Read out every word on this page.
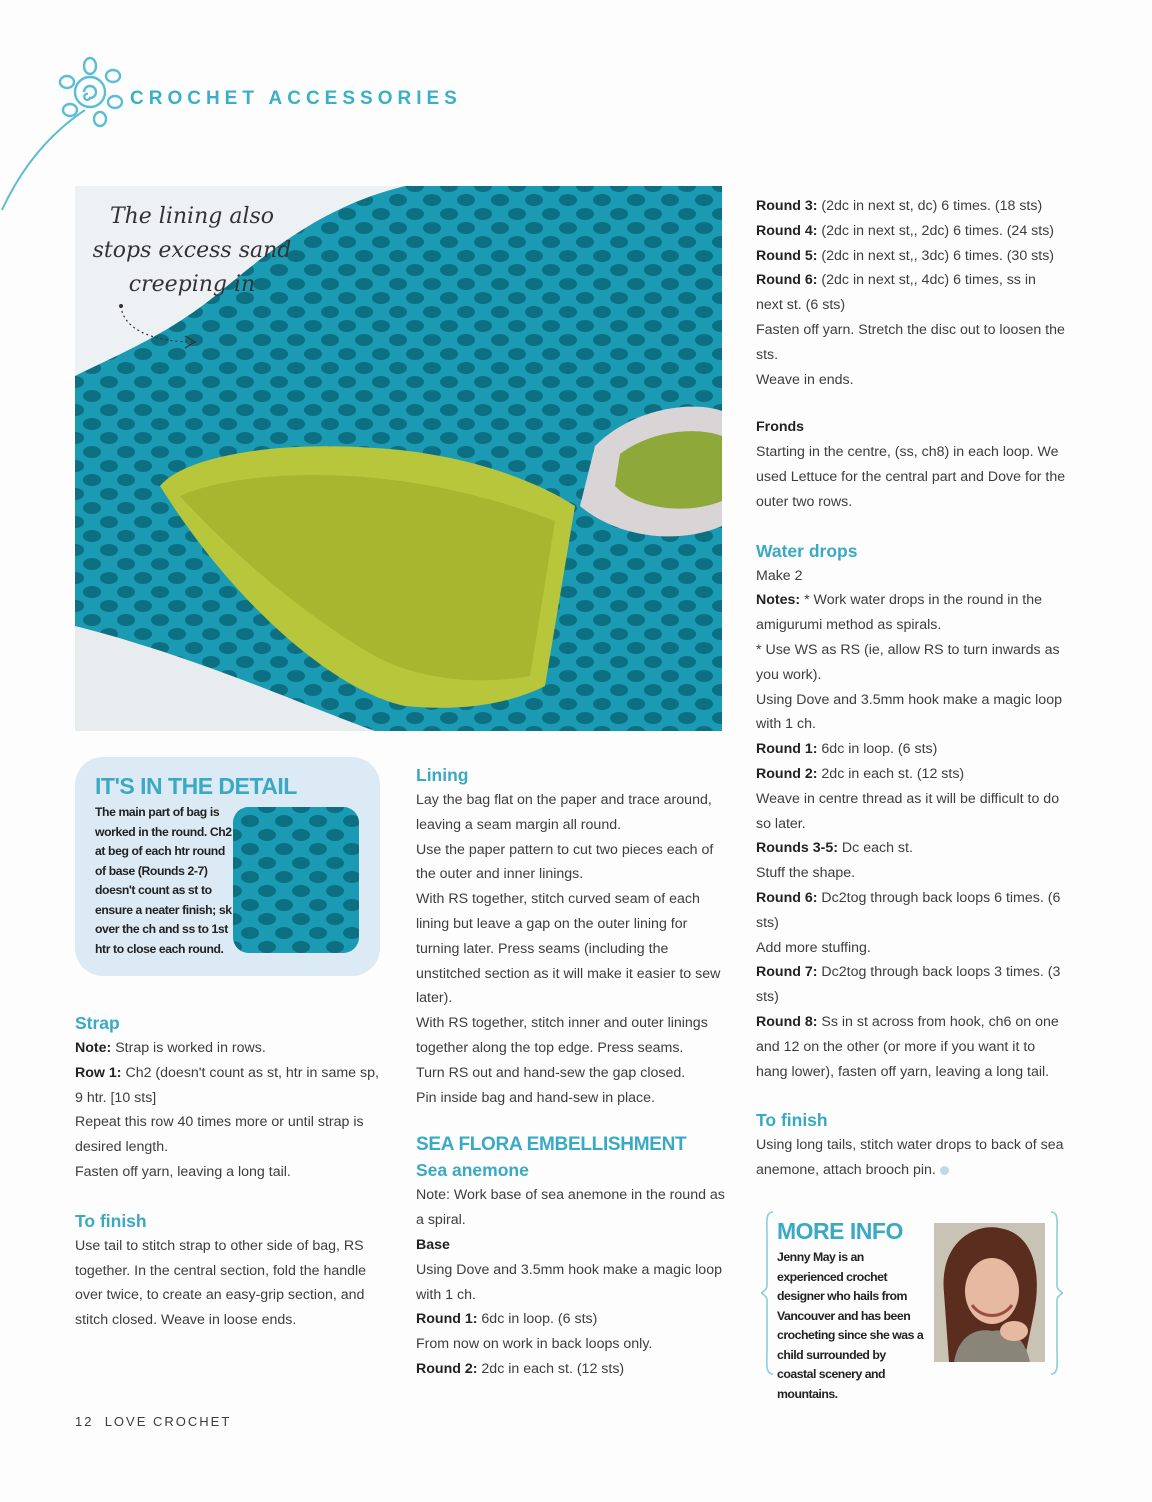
CROCHET ACCESSORIES
The lining also
stops excess sand
creeping in
IT'S IN THE DETAIL
The main part of bag is worked in the round. Ch2 at beg of each htr round of base (Rounds 2-7) doesn't count as st to ensure a neater finish; sk over the ch and ss to 1st htr to close each round.
Strap

Note: Strap is worked in rows.

Row 1: Ch2 (doesn't count as st, htr in same sp, 9 htr. [10 sts]

Repeat this row 40 times more or until strap is desired length.

Fasten off yarn, leaving a long tail.

To finish

Use tail to stitch strap to other side of bag, RS together. In the central section, fold the handle over twice, to create an easy-grip section, and stitch closed. Weave in loose ends.

Lining

Lay the bag flat on the paper and trace around, leaving a seam margin all round.

Use the paper pattern to cut two pieces each of the outer and inner linings.

With RS together, stitch curved seam of each lining but leave a gap on the outer lining for turning later. Press seams (including the unstitched section as it will make it easier to sew later).

With RS together, stitch inner and outer linings together along the top edge. Press seams.

Turn RS out and hand-sew the gap closed.

Pin inside bag and hand-sew in place.

SEA FLORA EMBELLISHMENT
Sea anemone

Note: Work base of sea anemone in the round as a spiral.

Base

Using Dove and 3.5mm hook make a magic loop with 1 ch.

Round 1: 6dc in loop. (6 sts)

From now on work in back loops only.

Round 2: 2dc in each st. (12 sts)

Round 3: (2dc in next st, dc) 6 times. (18 sts)

Round 4: (2dc in next st,, 2dc) 6 times. (24 sts)

Round 5: (2dc in next st,, 3dc) 6 times. (30 sts)

Round 6: (2dc in next st,, 4dc) 6 times, ss in next st. (6 sts)

Fasten off yarn. Stretch the disc out to loosen the sts.

Weave in ends.

Fronds

Starting in the centre, (ss, ch8) in each loop. We used Lettuce for the central part and Dove for the outer two rows.

Water drops

Make 2

Notes: * Work water drops in the round in the amigurumi method as spirals.

* Use WS as RS (ie, allow RS to turn inwards as you work).

Using Dove and 3.5mm hook make a magic loop with 1 ch.

Round 1: 6dc in loop. (6 sts)

Round 2: 2dc in each st. (12 sts)

Weave in centre thread as it will be difficult to do so later.

Rounds 3-5: Dc each st.

Stuff the shape.

Round 6: Dc2tog through back loops 6 times. (6 sts)

Add more stuffing.

Round 7: Dc2tog through back loops 3 times. (3 sts)

Round 8: Ss in st across from hook, ch6 on one and 12 on the other (or more if you want it to hang lower), fasten off yarn, leaving a long tail.

To finish

Using long tails, stitch water drops to back of sea anemone, attach brooch pin.

MORE INFO
Jenny May is an experienced crochet designer who hails from Vancouver and has been crocheting since she was a child surrounded by coastal scenery and mountains.
12 LOVE CROCHET
